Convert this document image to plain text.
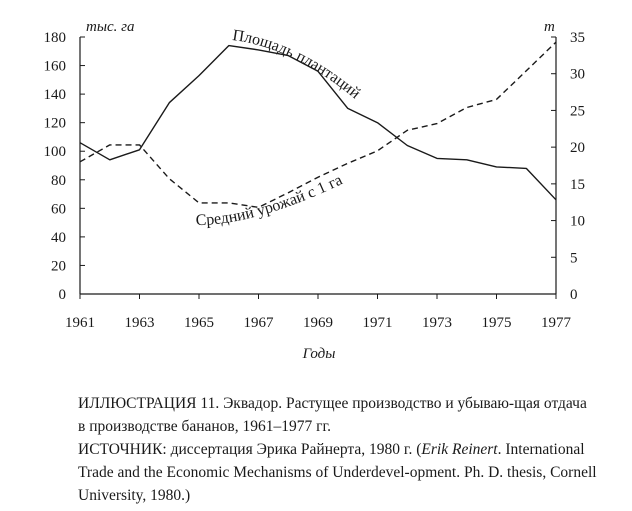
0
20
40
60
80
100
120
140
160
180
0
5
10
15
20
25
30
35
1961 1963 1965 1967 1969 1971 1973 1975 1977
тыс. га	т
Годы
Площадь плантаций
Средний урожай с 1 га

ИЛЛЮСТРАЦИЯ 11. Эквадор. Растущее производство и убываю-щая отдача в производстве бананов, 1961–1977 гг.

ИСТОЧНИК: диссертация Эрика Райнерта, 1980 г. (Erik Reinert. International Trade and the Economic Mechanisms of Underdevel-opment. Ph. D. thesis, Cornell University, 1980.)
